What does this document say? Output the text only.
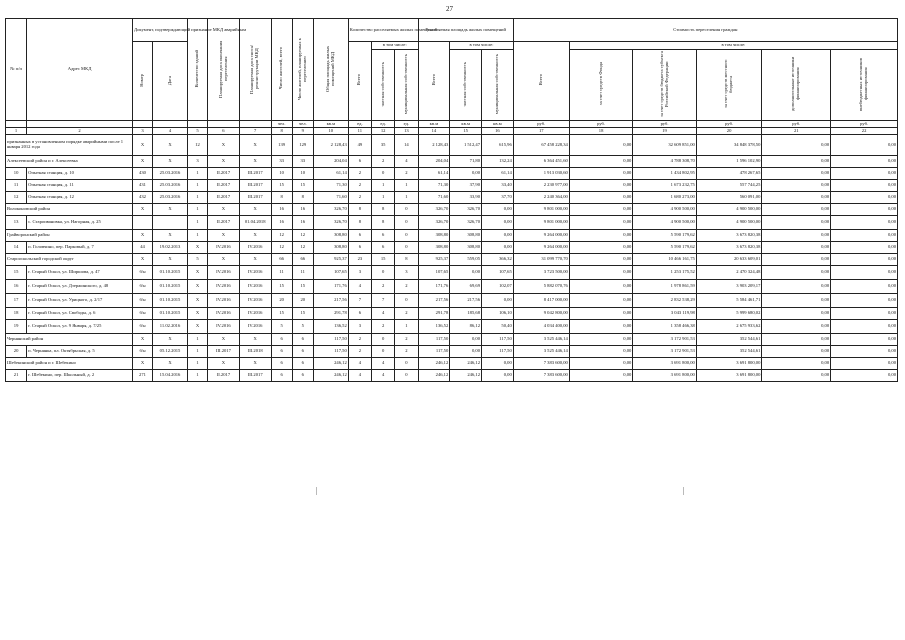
27
№ п/п	Адрес МКД	Документ, подтверждающий признание МКД аварийным		Количество зданий	Планируемая дата окончания переселения	Планируемая дата сноса/ реконструкции МКД	Число жителей, всего	Число жителей, планируемых к переселению	Общая площадь жилых помещений МКД	Количество расселяемых жилых помещений			Расселяемая площадь жилых помещений			Стоимость переселения граждан					
		Номер	Дата							Всего	в том числе:		Всего	в том числе:		Всего	в том числе:				
											частная собственность	муниципальная собственность		частная собственность	муниципальная собственность		за счет средств Фонда	за счет средств бюджета субъекта Российской Федерации	за счет средств местного бюджета	дополнительные источники финансирования	внебюджетных источников финансирования
							чел.	чел.	кв.м	ед.	ед.	ед.	кв.м	кв.м	кв.м	руб.	руб.	руб.	руб.	руб.	руб.
1	2	3	4	5	6	7	8	9	10	11	12	13	14	15	16	17	18	19	20	21	22
признанных в установленном порядке аварийными после 1 января 2012 года		X	X	12	X	X	139	129	2 128,43	49	35	14	2 128,43	1 512,47	615,96	67 458 228,34	0,00	32 609 851,00	34 848 378,50	0,00	0,00
Алексеевский район и г. Алексеевка		X	X	3	X	X	33	33	204,04	6	2	4	204,04	71,80	132,24	6 364 451,60	0,00	4 788 308,70	1 596 102,90	0,00	0,00
10	Опытная станция, д. 10	430	25.03.2016	1	II.2017	III.2017	10	10	61,14	2	0	2	61,14	0,00	61,14	1 913 030,60	0,00	1 434 802,95	478 267,65	0,00	0,00
11	Опытная станция, д. 11	431	25.03.2016	1	II.2017	III.2017	15	15	71,30	2	1	1	71,30	37,90	33,40	2 230 977,00	0,00	1 673 232,75	557 744,25	0,00	0,00
12	Опытная станция, д. 12	432	25.03.2016	1	II.2017	III.2017	8	8	71,60	2	1	1	71,60	33,90	37,70	2 240 364,00	0,00	1 680 273,00	560 091,00	0,00	0,00
Волоконовский район		X	X	1	X	X	16	16	326,70	8	8	0	326,70	326,70	0,00	9 801 000,00	0,00	4 900 500,00	4 900 500,00	0,00	0,00
13	с. Староивановка, ул. Нагорная, д. 25			1	II.2017	01.04.2018	16	16	326,70	8	8	0	326,70	326,70	0,00	9 801 000,00	0,00	4 900 500,00	4 900 500,00	0,00	0,00
Грайворонский район		X	X	1	X	X	12	12	308,80	6	6	0	308,80	308,80	0,00	9 264 000,00	0,00	5 590 179,62	3 673 820,38	0,00	0,00
14	п. Головчино, пер. Парковый, д. 7	44	19.02.2013	X	IV.2016	IV.2016	12	12	308,80	6	6	0	308,80	308,80	0,00	9 264 000,00	0,00	5 590 179,62	3 673 820,38	0,00	0,00
Старооскольский городской округ		X	X	5	X	X	66	66	925,37	23	15	8	925,37	559,05	366,32	31 099 770,70	0,00	10 466 161,75	20 633 609,01	0,00	0,00
15	г. Старый Оскол, ул. Ширшова, д. 47	б/н	01.10.2015	X	IV.2016	IV.2016	11	11	107,65	3	0	3	107,65	0,00	107,65	3 723 500,00	0,00	1 253 175,52	2 470 324,48	0,00	0,00
16	г. Старый Оскол, ул. Дзержинского, д. 48	б/н	01.10.2015	X	IV.2016	IV.2016	15	15	171,76	4	2	2	171,76	69,69	102,07	5 882 070,76	0,00	1 978 861,59	3 903 209,17	0,00	0,00
17	г. Старый Оскол, ул. Урицкого, д. 2/17	б/н	01.10.2015	X	IV.2016	IV.2016	20	20	217,56	7	7	0	217,56	217,56	0,00	8 417 000,00	0,00	2 832 538,29	5 584 461,71	0,00	0,00
18	г. Старый Оскол, ул. Свободы, д. 6	б/н	01.10.2015	X	IV.2016	IV.2016	15	15	291,78	6	4	2	291,78	185,68	106,10	9 042 800,00	0,00	3 043 119,98	5 999 680,02	0,00	0,00
19	г. Старый Оскол, ул. 9 Января, д. 7/25	б/н	11.02.2016	X	IV.2016	IV.2016	5	5	136,52	3	2	1	136,52	86,12	50,40	4 034 400,00	0,00	1 358 466,38	2 675 933,62	0,00	0,00
Чернянский район		X	X	1	X	X	6	6	117,50	2	0	2	117,50	0,00	117,50	3 525 446,14	0,00	3 172 901,53	352 544,61	0,00	0,00
20	п. Чернянка, пл. Октябрьская, д. 5	б/н	05.12.2015	1	III.2017	III.2018	6	6	117,50	2	0	2	117,50	0,00	117,50	3 525 446,14	0,00	3 172 901,53	352 544,61	0,00	0,00
Шебекинский район и г. Шебекино		X	X	1	X	X	6	6	246,12	4	4	0	246,12	246,12	0,00	7 383 600,00	0,00	3 691 800,00	3 691 800,00	0,00	0,00
21	г. Шебекино, пер. Школьный, д. 2	271	15.04.2016	1	II.2017	III.2017	6	6	246,12	4	4	0	246,12	246,12	0,00	7 383 600,00	0,00	3 691 800,00	3 691 800,00	0,00	0,00
|	|
